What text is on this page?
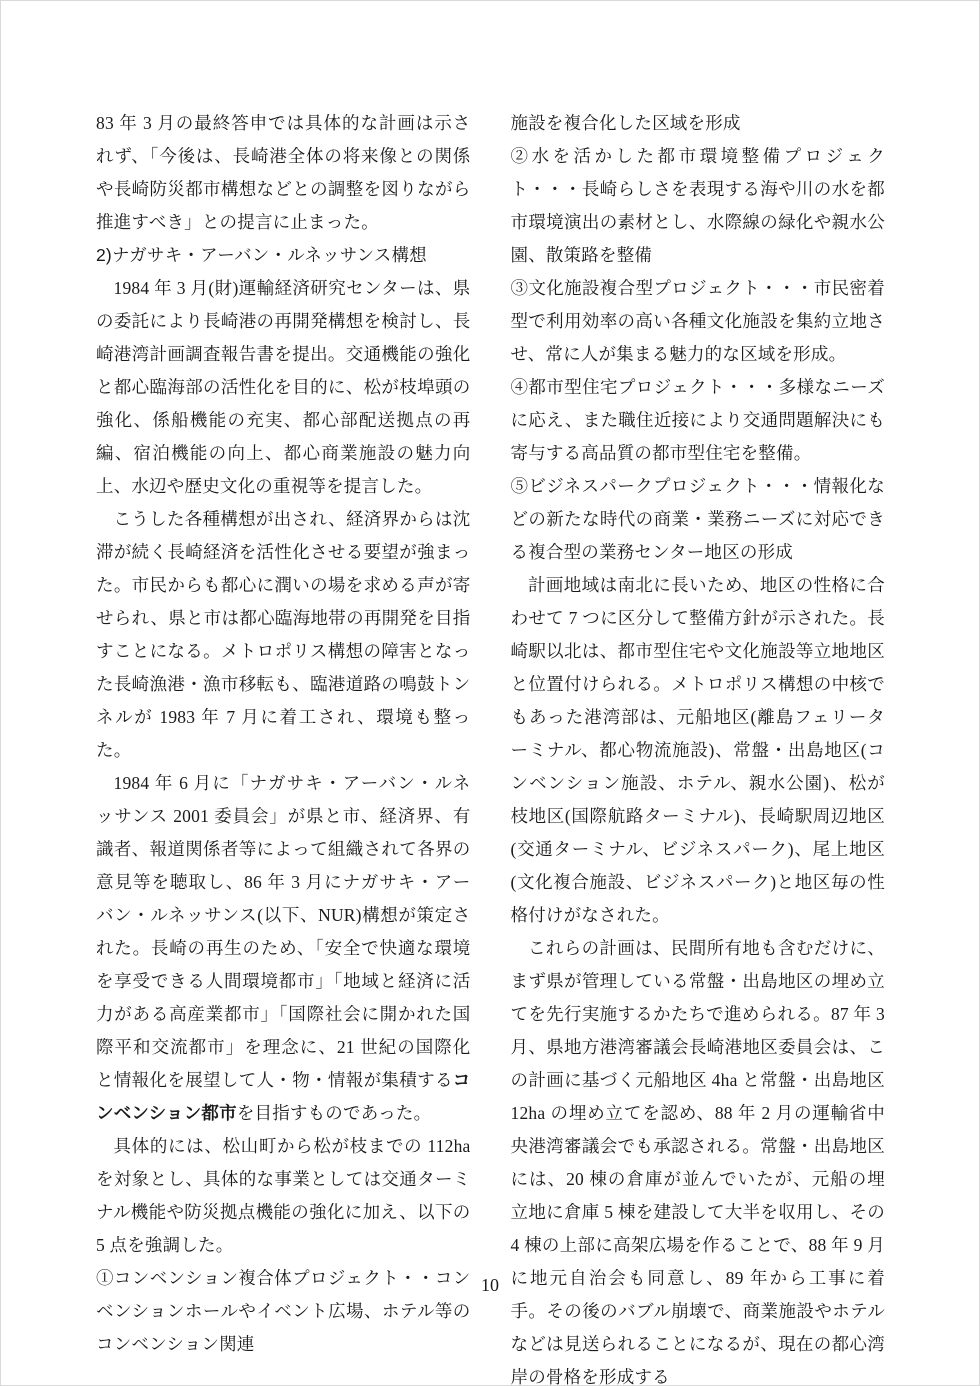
83 年 3 月の最終答申では具体的な計画は示されず、「今後は、長崎港全体の将来像との関係や長崎防災都市構想などとの調整を図りながら推進すべき」との提言に止まった。

2)ナガサキ・アーバン・ルネッサンス構想

1984 年 3 月(財)運輸経済研究センターは、県の委託により長崎港の再開発構想を検討し、長崎港湾計画調査報告書を提出。交通機能の強化と都心臨海部の活性化を目的に、松が枝埠頭の強化、係船機能の充実、都心部配送拠点の再編、宿泊機能の向上、都心商業施設の魅力向上、水辺や歴史文化の重視等を提言した。

こうした各種構想が出され、経済界からは沈滞が続く長崎経済を活性化させる要望が強まった。市民からも都心に潤いの場を求める声が寄せられ、県と市は都心臨海地帯の再開発を目指すことになる。メトロポリス構想の障害となった長崎漁港・漁市移転も、臨港道路の鳴鼓トンネルが 1983 年 7 月に着工され、環境も整った。

1984 年 6 月に「ナガサキ・アーバン・ルネッサンス 2001 委員会」が県と市、経済界、有識者、報道関係者等によって組織されて各界の意見等を聴取し、86 年 3 月にナガサキ・アーバン・ルネッサンス(以下、NUR)構想が策定された。長崎の再生のため、「安全で快適な環境を享受できる人間環境都市」「地域と経済に活力がある高産業都市」「国際社会に開かれた国際平和交流都市」を理念に、21 世紀の国際化と情報化を展望して人・物・情報が集積するコンベンション都市を目指すものであった。

具体的には、松山町から松が枝までの 112ha を対象とし、具体的な事業としては交通ターミナル機能や防災拠点機能の強化に加え、以下の 5 点を強調した。

①コンベンション複合体プロジェクト・・コンベンションホールやイベント広場、ホテル等のコンベンション関連

施設を複合化した区域を形成

②水を活かした都市環境整備プロジェクト・・・長崎らしさを表現する海や川の水を都市環境演出の素材とし、水際線の緑化や親水公園、散策路を整備

③文化施設複合型プロジェクト・・・市民密着型で利用効率の高い各種文化施設を集約立地させ、常に人が集まる魅力的な区域を形成。

④都市型住宅プロジェクト・・・多様なニーズに応え、また職住近接により交通問題解決にも寄与する高品質の都市型住宅を整備。

⑤ビジネスパークプロジェクト・・・情報化などの新たな時代の商業・業務ニーズに対応できる複合型の業務センター地区の形成

計画地域は南北に長いため、地区の性格に合わせて 7 つに区分して整備方針が示された。長崎駅以北は、都市型住宅や文化施設等立地地区と位置付けられる。メトロポリス構想の中核でもあった港湾部は、元船地区(離島フェリーターミナル、都心物流施設)、常盤・出島地区(コンベンション施設、ホテル、親水公園)、松が枝地区(国際航路ターミナル)、長崎駅周辺地区(交通ターミナル、ビジネスパーク)、尾上地区(文化複合施設、ビジネスパーク)と地区毎の性格付けがなされた。

これらの計画は、民間所有地も含むだけに、まず県が管理している常盤・出島地区の埋め立てを先行実施するかたちで進められる。87 年 3 月、県地方港湾審議会長崎港地区委員会は、この計画に基づく元船地区 4ha と常盤・出島地区 12ha の埋め立てを認め、88 年 2 月の運輸省中央港湾審議会でも承認される。常盤・出島地区には、20 棟の倉庫が並んでいたが、元船の埋立地に倉庫 5 棟を建設して大半を収用し、その 4 棟の上部に高架広場を作ることで、88 年 9 月に地元自治会も同意し、89 年から工事に着手。その後のバブル崩壊で、商業施設やホテルなどは見送られることになるが、現在の都心湾岸の骨格を形成する

10
